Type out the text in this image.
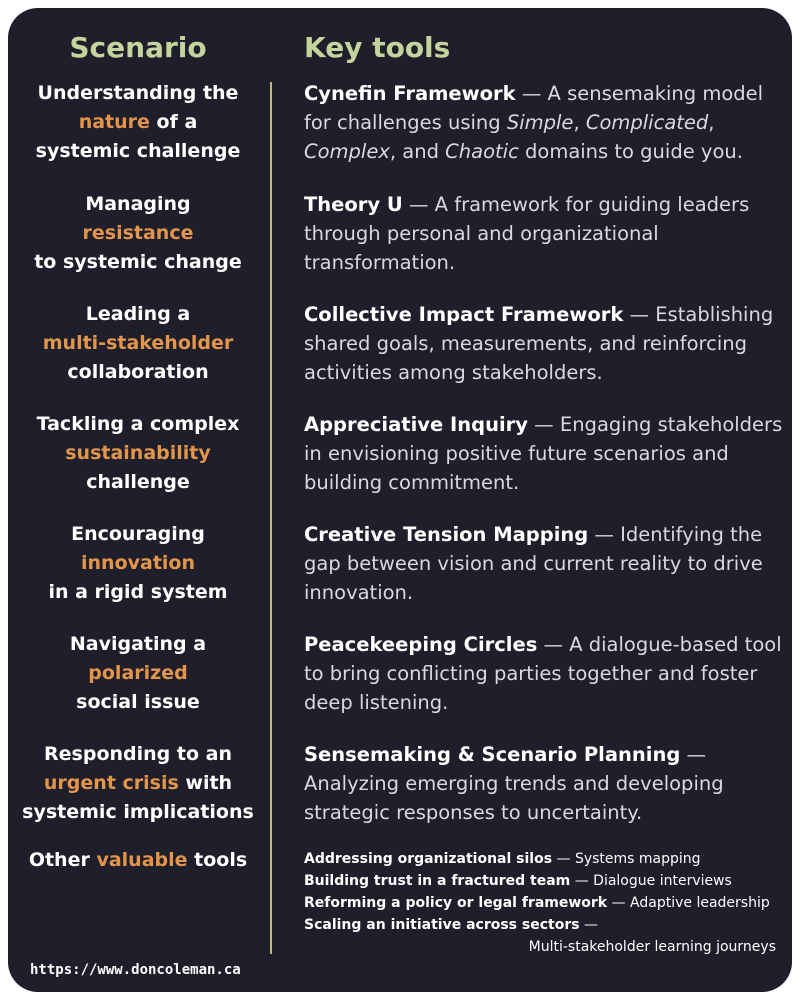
Scenario	Key tools
Understanding the
nature of a
systemic challenge
Cynefin Framework — A sensemaking model for challenges using Simple, Complicated, Complex, and Chaotic domains to guide you.
Managing
resistance
to systemic change
Theory U — A framework for guiding leaders through personal and organizational transformation.
Leading a
multi-stakeholder
collaboration
Collective Impact Framework — Establishing shared goals, measurements, and reinforcing activities among stakeholders.
Tackling a complex
sustainability
challenge
Appreciative Inquiry — Engaging stakeholders in envisioning positive future scenarios and building commitment.
Encouraging
innovation
in a rigid system
Creative Tension Mapping — Identifying the gap between vision and current reality to drive innovation.
Navigating a
polarized
social issue
Peacekeeping Circles — A dialogue-based tool to bring conflicting parties together and foster deep listening.
Responding to an
urgent crisis with
systemic implications
Sensemaking & Scenario Planning — Analyzing emerging trends and developing strategic responses to uncertainty.
Other valuable tools	Addressing organizational silos — Systems mapping
Building trust in a fractured team — Dialogue interviews
Reforming a policy or legal framework — Adaptive leadership
Scaling an initiative across sectors —
Multi-stakeholder learning journeys
https://www.doncoleman.ca
